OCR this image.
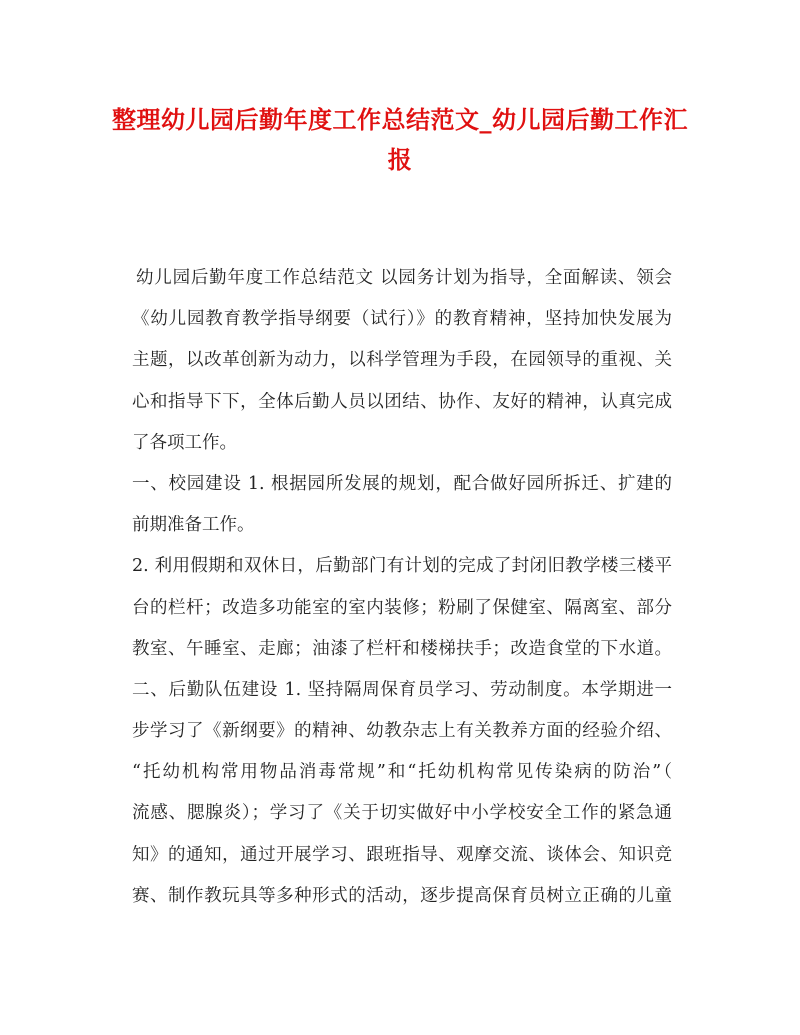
整理幼儿园后勤年度工作总结范文_幼儿园后勤工作汇报
幼儿园后勤年度工作总结范文 以园务计划为指导，全面解读、领会
《幼儿园教育教学指导纲要（试行）》的教育精神，坚持加快发展为
主题，以改革创新为动力，以科学管理为手段，在园领导的重视、关
心和指导下下，全体后勤人员以团结、协作、友好的精神，认真完成
了各项工作。
一、校园建设 1. 根据园所发展的规划，配合做好园所拆迁、扩建的
前期准备工作。
2. 利用假期和双休日，后勤部门有计划的完成了封闭旧教学楼三楼平
台的栏杆；改造多功能室的室内装修；粉刷了保健室、隔离室、部分
教室、午睡室、走廊；油漆了栏杆和楼梯扶手；改造食堂的下水道。
二、后勤队伍建设 1. 坚持隔周保育员学习、劳动制度。本学期进一
步学习了《新纲要》的精神、幼教杂志上有关教养方面的经验介绍、
“托幼机构常用物品消毒常规”和“托幼机构常见传染病的防治”（
流感、腮腺炎）；学习了《关于切实做好中小学校安全工作的紧急通
知》的通知，通过开展学习、跟班指导、观摩交流、谈体会、知识竞
赛、制作教玩具等多种形式的活动，逐步提高保育员树立正确的儿童
